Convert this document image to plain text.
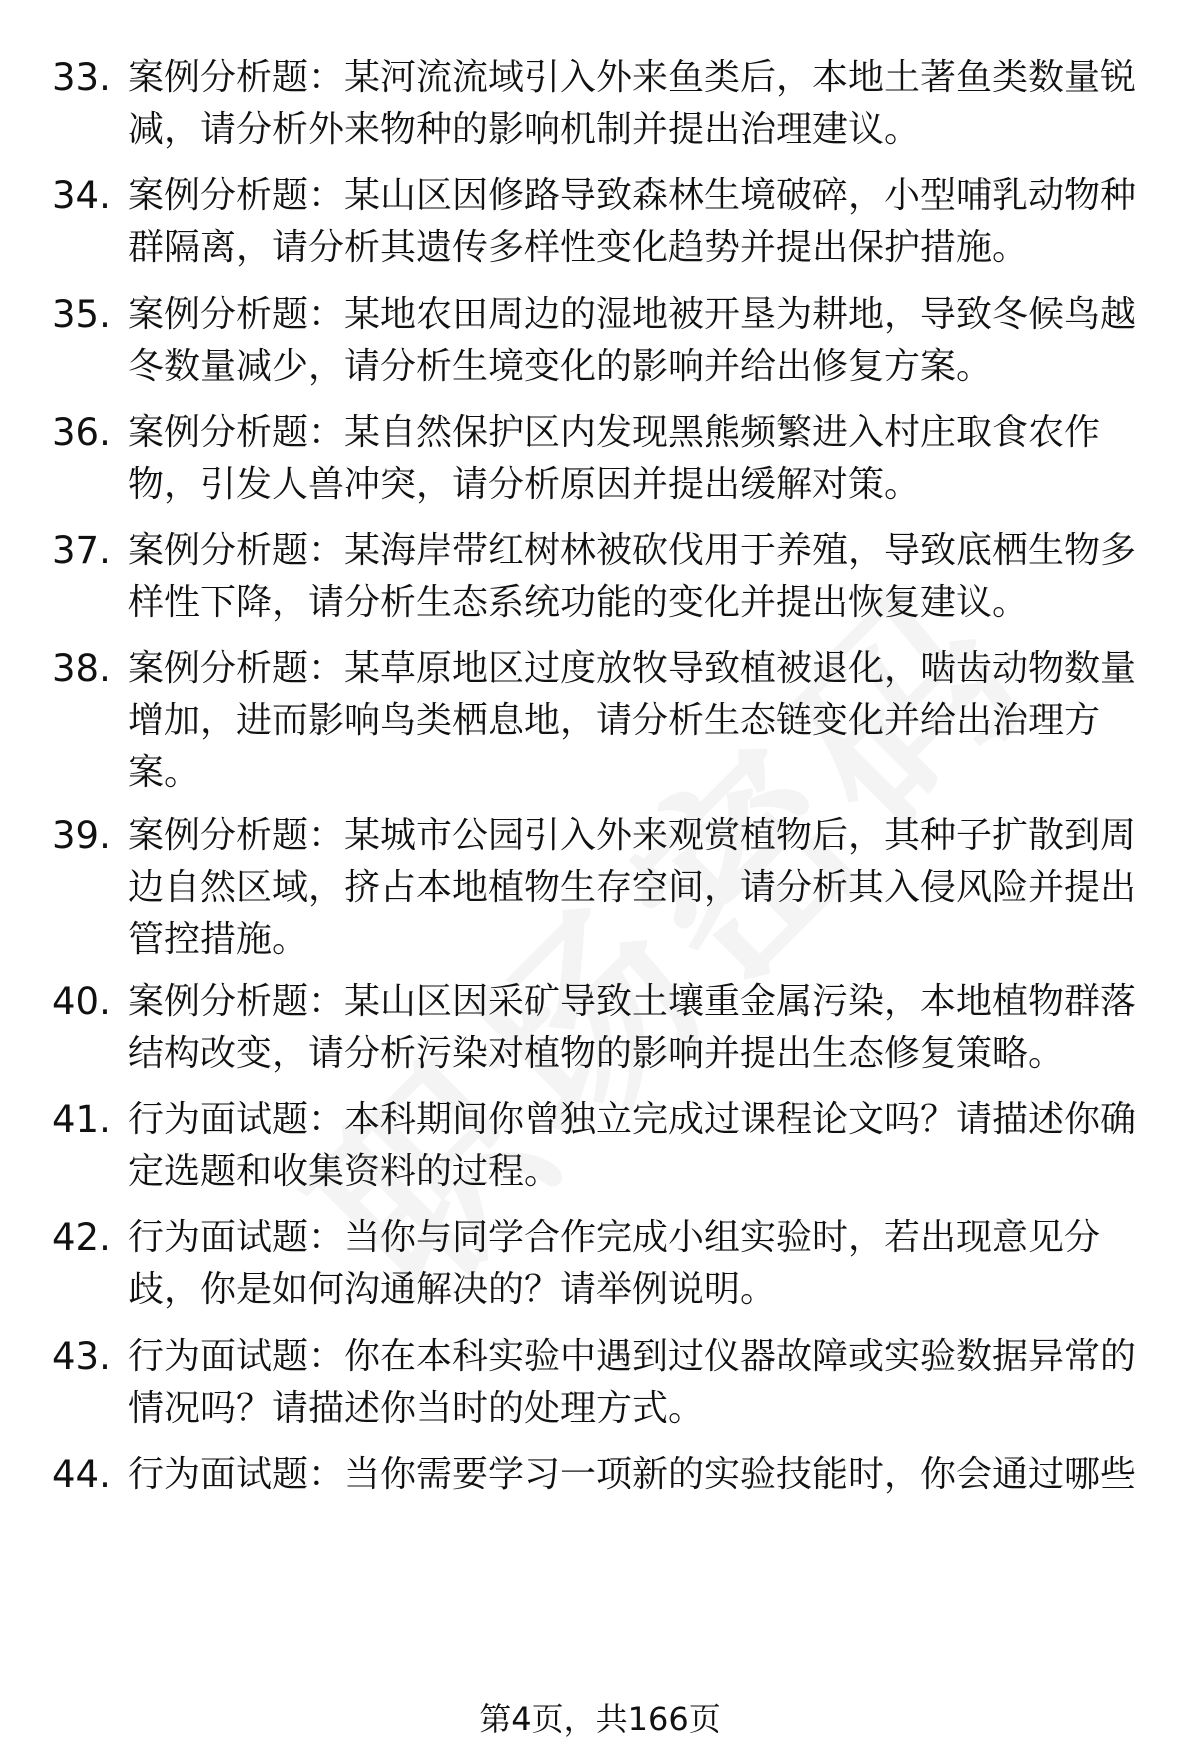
33. 案例分析题：某河流流域引入外来鱼类后，本地土著鱼类数量锐减，请分析外来物种的影响机制并提出治理建议。
34. 案例分析题：某山区因修路导致森林生境破碎，小型哺乳动物种群隔离，请分析其遗传多样性变化趋势并提出保护措施。
35. 案例分析题：某地农田周边的湿地被开垦为耕地，导致冬候鸟越冬数量减少，请分析生境变化的影响并给出修复方案。
36. 案例分析题：某自然保护区内发现黑熊频繁进入村庄取食农作物，引发人兽冲突，请分析原因并提出缓解对策。
37. 案例分析题：某海岸带红树林被砍伐用于养殖，导致底栖生物多样性下降，请分析生态系统功能的变化并提出恢复建议。
38. 案例分析题：某草原地区过度放牧导致植被退化，啮齿动物数量增加，进而影响鸟类栖息地，请分析生态链变化并给出治理方案。
39. 案例分析题：某城市公园引入外来观赏植物后，其种子扩散到周边自然区域，挤占本地植物生存空间，请分析其入侵风险并提出管控措施。
40. 案例分析题：某山区因采矿导致土壤重金属污染，本地植物群落结构改变，请分析污染对植物的影响并提出生态修复策略。
41. 行为面试题：本科期间你曾独立完成过课程论文吗？请描述你确定选题和收集资料的过程。
42. 行为面试题：当你与同学合作完成小组实验时，若出现意见分歧，你是如何沟通解决的？请举例说明。
43. 行为面试题：你在本科实验中遇到过仪器故障或实验数据异常的情况吗？请描述你当时的处理方式。
44. 行为面试题：当你需要学习一项新的实验技能时，你会通过哪些
第4页，共166页
